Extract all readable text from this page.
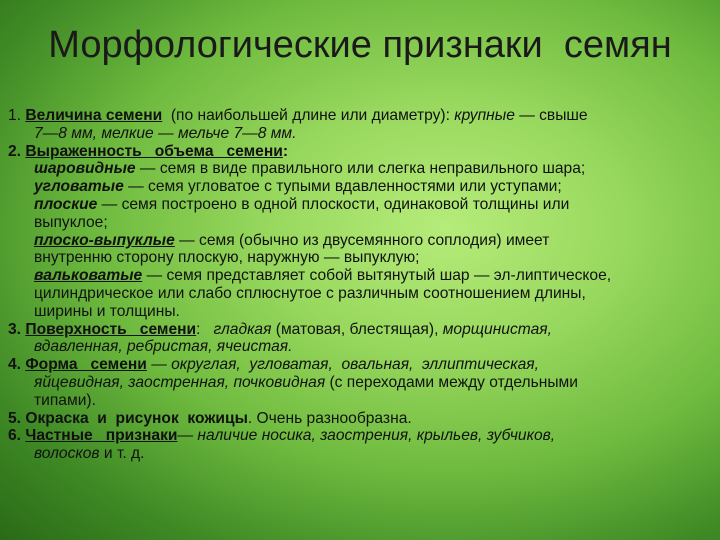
Морфологические признаки  семян
1. Величина семени  (по наибольшей длине или диаметру): крупные — свыше
7—8 мм, мелкие — мельче 7—8 мм.
2. Выраженность   объема   семени:
шаровидные — семя в виде правильного или слегка неправильного шара;
угловатые — семя угловатое с тупыми вдавленностями или уступами;
плоские — семя построено в одной плоскости, одинаковой толщины или
выпуклое;
плоско-выпуклые — семя (обычно из двусемянного соплодия) имеет
внутренню сторону плоскую, наружную — выпуклую;
вальковатые — семя представляет собой вытянутый шар — эл-липтическое,
цилиндрическое или слабо сплюснутое с различным соотношением длины,
ширины и толщины.
3. Поверхность   семени:   гладкая (матовая, блестящая), морщинистая,
вдавленная, ребристая, ячеистая.
4. Форма   семени — округлая,  угловатая,  овальная,  эллиптическая,
яйцевидная, заостренная, почковидная (с переходами между отдельными
типами).
5. Окраска  и  рисунок  кожицы. Очень разнообразна.
6. Частные   признаки— наличие носика, заострения, крыльев, зубчиков,
волосков и т. д.
